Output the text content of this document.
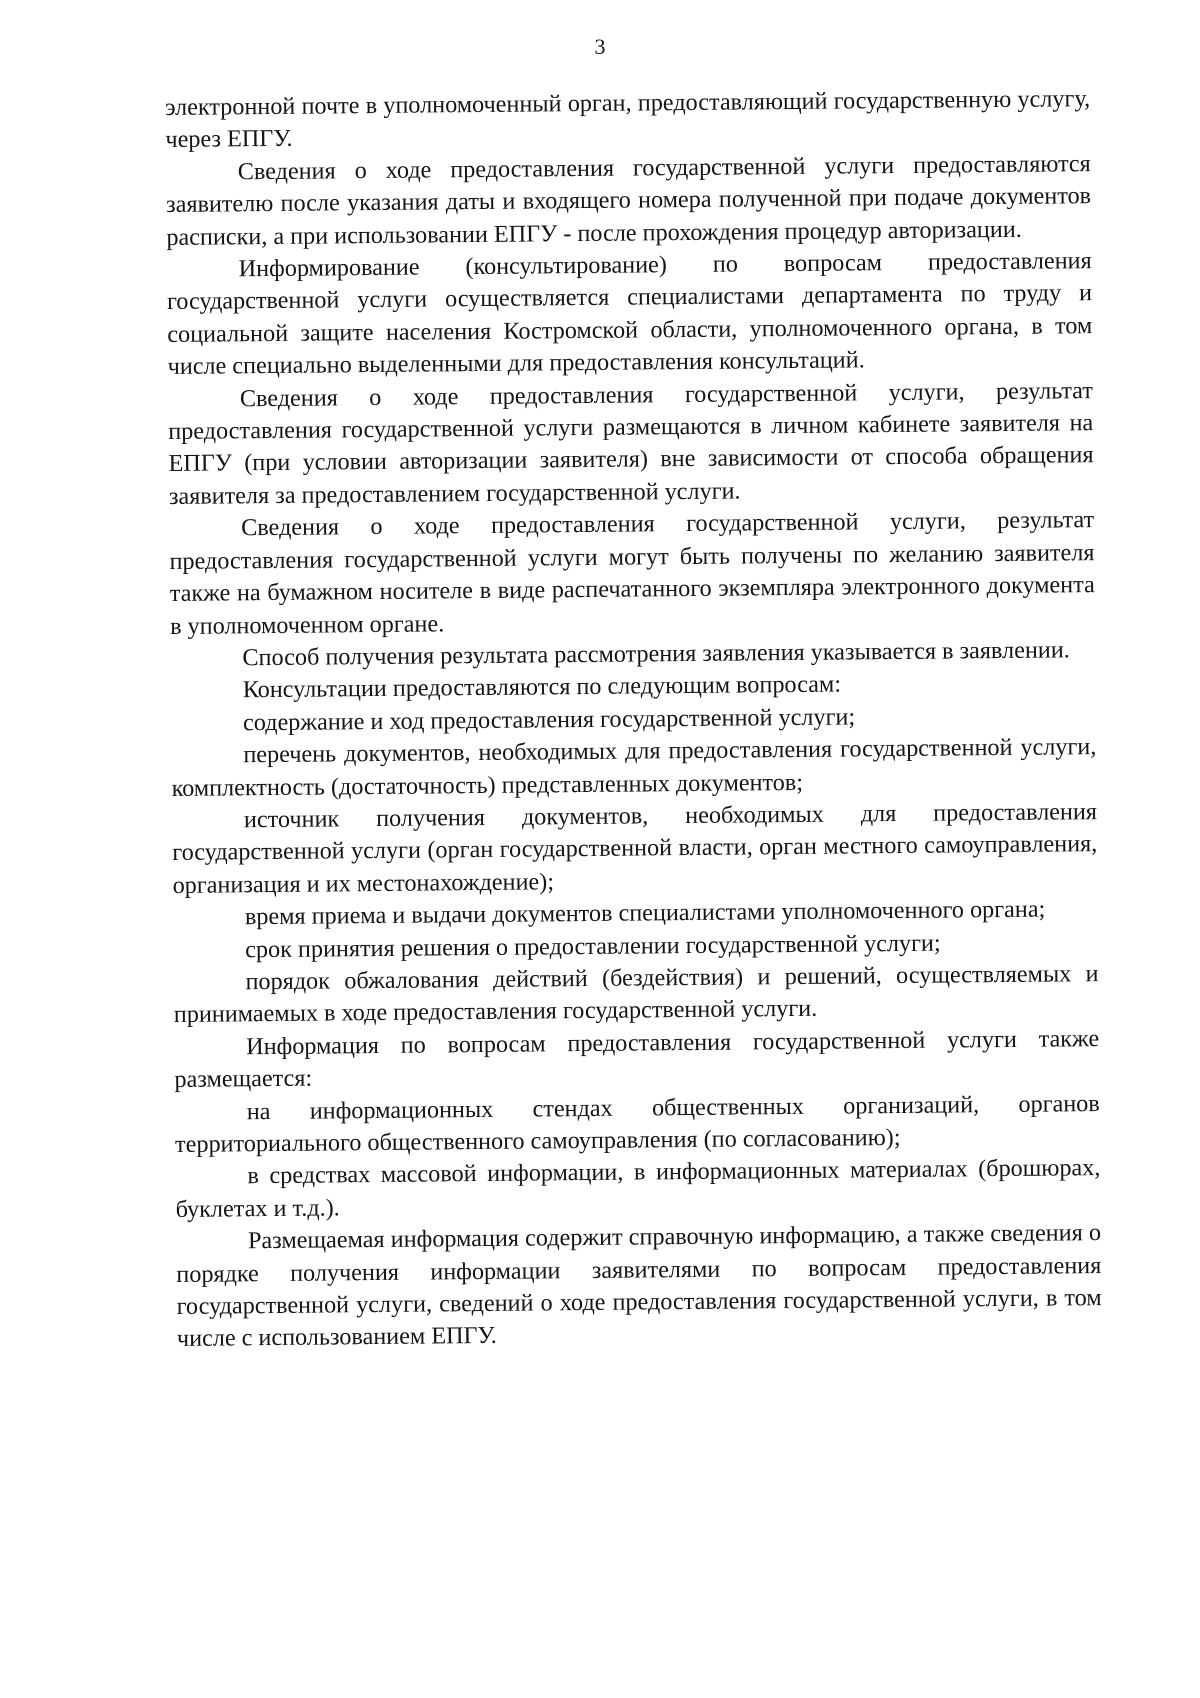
3

электронной почте в уполномоченный орган, предоставляющий государственную услугу, через ЕПГУ.

Сведения о ходе предоставления государственной услуги предоставляются заявителю после указания даты и входящего номера полученной при подаче документов расписки, а при использовании ЕПГУ - после прохождения процедур авторизации.

Информирование (консультирование) по вопросам предоставления государственной услуги осуществляется специалистами департамента по труду и социальной защите населения Костромской области, уполномоченного органа, в том числе специально выделенными для предоставления консультаций.

Сведения о ходе предоставления государственной услуги, результат предоставления государственной услуги размещаются в личном кабинете заявителя на ЕПГУ (при условии авторизации заявителя) вне зависимости от способа обращения заявителя за предоставлением государственной услуги.

Сведения о ходе предоставления государственной услуги, результат предоставления государственной услуги могут быть получены по желанию заявителя также на бумажном носителе в виде распечатанного экземпляра электронного документа в уполномоченном органе.

Способ получения результата рассмотрения заявления указывается в заявлении.

Консультации предоставляются по следующим вопросам:

содержание и ход предоставления государственной услуги;

перечень документов, необходимых для предоставления государственной услуги, комплектность (достаточность) представленных документов;

источник получения документов, необходимых для предоставления государственной услуги (орган государственной власти, орган местного самоуправления, организация и их местонахождение);

время приема и выдачи документов специалистами уполномоченного органа;

срок принятия решения о предоставлении государственной услуги;

порядок обжалования действий (бездействия) и решений, осуществляемых и принимаемых в ходе предоставления государственной услуги.

Информация по вопросам предоставления государственной услуги также размещается:

на информационных стендах общественных организаций, органов территориального общественного самоуправления (по согласованию);

в средствах массовой информации, в информационных материалах (брошюрах, буклетах и т.д.).

Размещаемая информация содержит справочную информацию, а также сведения о порядке получения информации заявителями по вопросам предоставления государственной услуги, сведений о ходе предоставления государственной услуги, в том числе с использованием ЕПГУ.
